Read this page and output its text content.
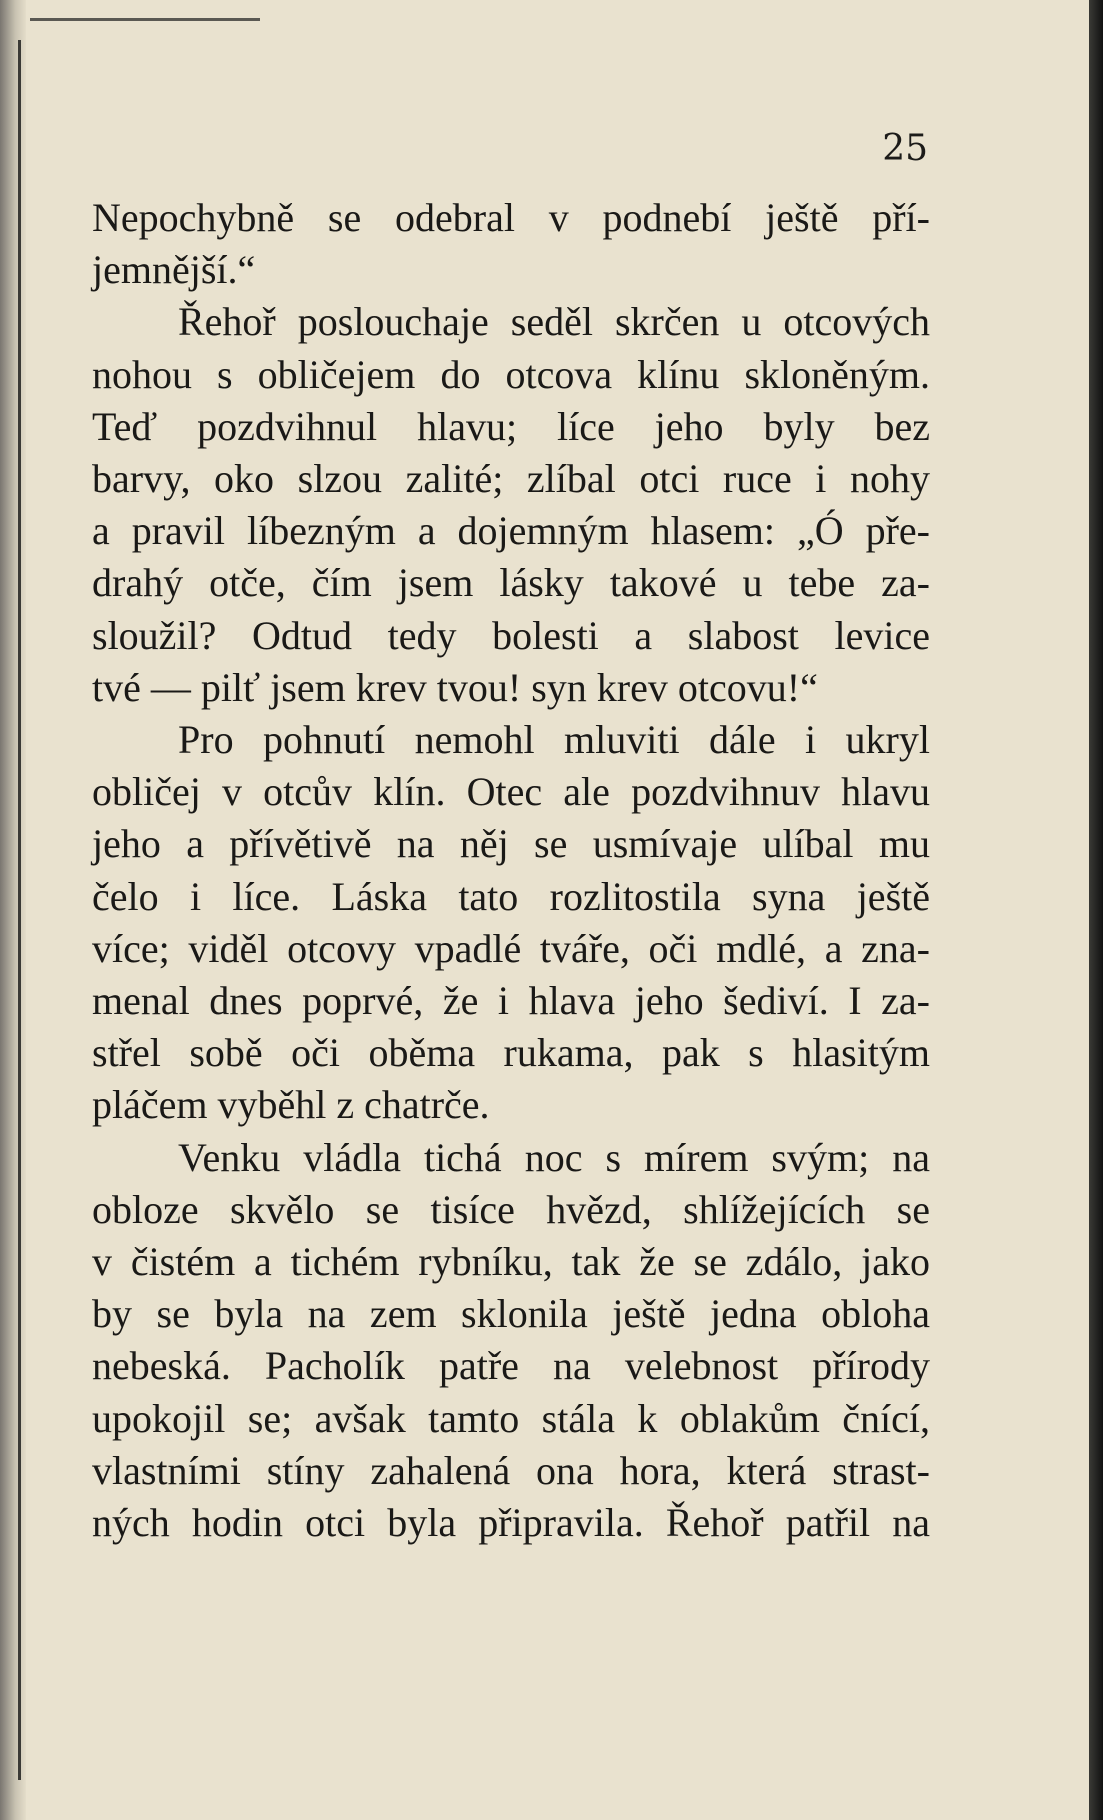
25
Nepochybně se odebral v podnebí ještě pří-
jemnější.“
Řehoř poslouchaje seděl skrčen u otcových
nohou s obličejem do otcova klínu skloněným.
Teď pozdvihnul hlavu; líce jeho byly bez
barvy, oko slzou zalité; zlíbal otci ruce i nohy
a pravil líbezným a dojemným hlasem: „Ó pře-
drahý otče, čím jsem lásky takové u tebe za-
sloužil? Odtud tedy bolesti a slabost levice
tvé — pilť jsem krev tvou! syn krev otcovu!“
Pro pohnutí nemohl mluviti dále i ukryl
obličej v otcův klín. Otec ale pozdvihnuv hlavu
jeho a přívětivě na něj se usmívaje ulíbal mu
čelo i líce. Láska tato rozlitostila syna ještě
více; viděl otcovy vpadlé tváře, oči mdlé, a zna-
menal dnes poprvé, že i hlava jeho šediví. I za-
střel sobě oči oběma rukama, pak s hlasitým
pláčem vyběhl z chatrče.
Venku vládla tichá noc s mírem svým; na
obloze skvělo se tisíce hvězd, shlížejících se
v čistém a tichém rybníku, tak že se zdálo, jako
by se byla na zem sklonila ještě jedna obloha
nebeská. Pacholík patře na velebnost přírody
upokojil se; avšak tamto stála k oblakům čnící,
vlastními stíny zahalená ona hora, která strast-
ných hodin otci byla připravila. Řehoř patřil na
